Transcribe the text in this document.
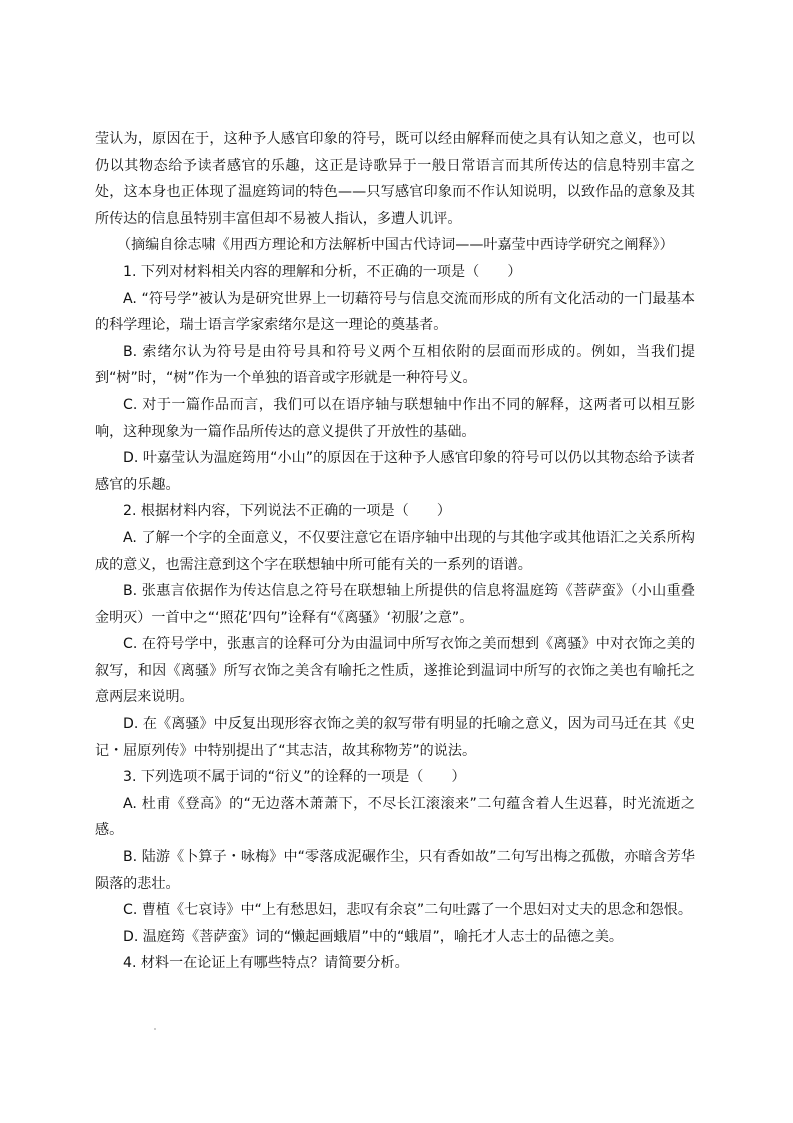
莹认为，原因在于，这种予人感官印象的符号，既可以经由解释而使之具有认知之意义，也可以仍以其物态给予读者感官的乐趣，这正是诗歌异于一般日常语言而其所传达的信息特别丰富之处，这本身也正体现了温庭筠词的特色——只写感官印象而不作认知说明，以致作品的意象及其所传达的信息虽特别丰富但却不易被人指认，多遭人讥评。

（摘编自徐志啸《用西方理论和方法解析中国古代诗词——叶嘉莹中西诗学研究之阐释》）

1. 下列对材料相关内容的理解和分析，不正确的一项是（　　）

A. “符号学”被认为是研究世界上一切藉符号与信息交流而形成的所有文化活动的一门最基本的科学理论，瑞士语言学家索绪尔是这一理论的奠基者。

B. 索绪尔认为符号是由符号具和符号义两个互相依附的层面而形成的。例如，当我们提到“树”时，“树”作为一个单独的语音或字形就是一种符号义。

C. 对于一篇作品而言，我们可以在语序轴与联想轴中作出不同的解释，这两者可以相互影响，这种现象为一篇作品所传达的意义提供了开放性的基础。

D. 叶嘉莹认为温庭筠用“小山”的原因在于这种予人感官印象的符号可以仍以其物态给予读者感官的乐趣。

2. 根据材料内容，下列说法不正确的一项是（　　）

A. 了解一个字的全面意义，不仅要注意它在语序轴中出现的与其他字或其他语汇之关系所构成的意义，也需注意到这个字在联想轴中所可能有关的一系列的语谱。

B. 张惠言依据作为传达信息之符号在联想轴上所提供的信息将温庭筠《菩萨蛮》（小山重叠金明灭）一首中之“‘照花’四句”诠释有“《离骚》‘初服’之意”。

C. 在符号学中，张惠言的诠释可分为由温词中所写衣饰之美而想到《离骚》中对衣饰之美的叙写，和因《离骚》所写衣饰之美含有喻托之性质，遂推论到温词中所写的衣饰之美也有喻托之意两层来说明。

D. 在《离骚》中反复出现形容衣饰之美的叙写带有明显的托喻之意义，因为司马迁在其《史记・屈原列传》中特别提出了“其志洁，故其称物芳”的说法。

3. 下列选项不属于词的“衍义”的诠释的一项是（　　）

A. 杜甫《登高》的“无边落木萧萧下，不尽长江滚滚来”二句蕴含着人生迟暮，时光流逝之感。

B. 陆游《卜算子・咏梅》中“零落成泥碾作尘，只有香如故”二句写出梅之孤傲，亦暗含芳华陨落的悲壮。

C. 曹植《七哀诗》中“上有愁思妇，悲叹有余哀”二句吐露了一个思妇对丈夫的思念和怨恨。

D. 温庭筠《菩萨蛮》词的“懒起画蛾眉”中的“蛾眉”，喻托才人志士的品德之美。

4. 材料一在论证上有哪些特点？请简要分析。
